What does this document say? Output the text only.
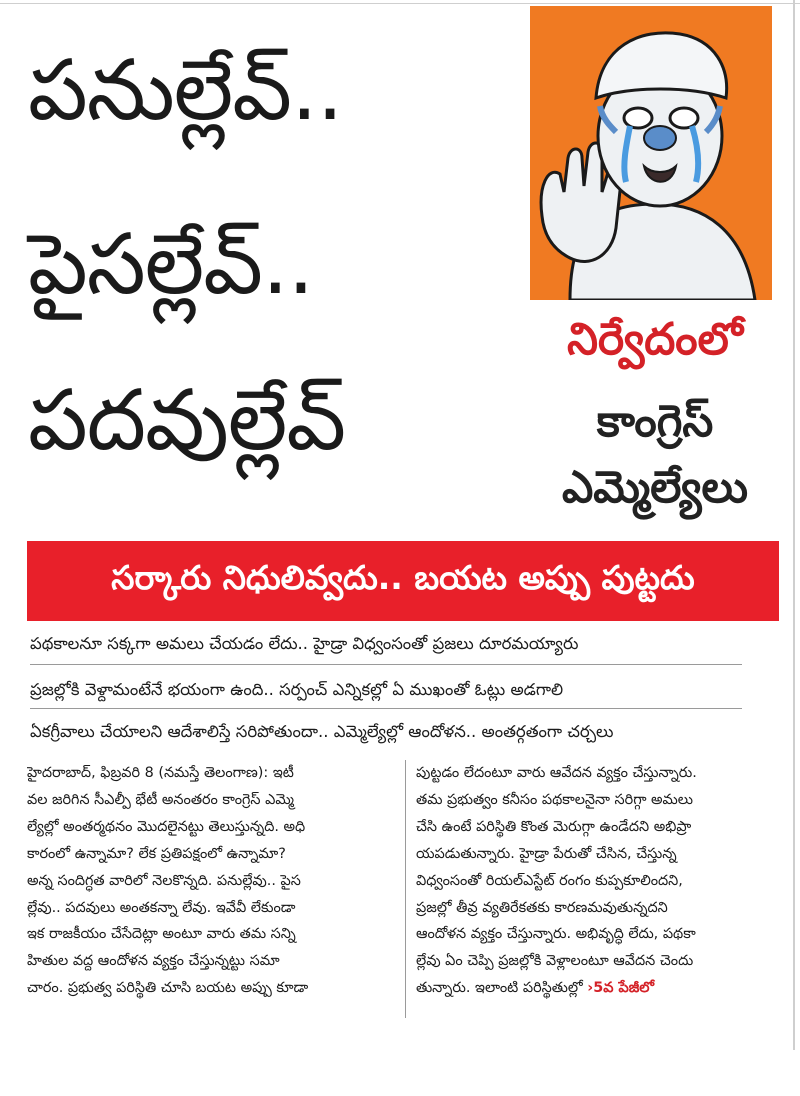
పనుల్లేవ్..
పైసల్లేవ్..
పదవుల్లేవ్
నిర్వేదంలో
కాంగ్రెస్
ఎమ్మెల్యేలు
సర్కారు నిధులివ్వదు.. బయట అప్పు పుట్టదు
పథకాలనూ సక్కగా అమలు చేయడం లేదు.. హైడ్రా విధ్వంసంతో ప్రజలు దూరమయ్యారు
ప్రజల్లోకి వెళ్దామంటేనే భయంగా ఉంది.. సర్పంచ్ ఎన్నికల్లో ఏ ముఖంతో ఓట్లు అడగాలి
ఏకగ్రీవాలు చేయాలని ఆదేశాలిస్తే సరిపోతుందా.. ఎమ్మెల్యేల్లో ఆందోళన.. అంతర్గతంగా చర్చలు
హైదరాబాద్, ఫిబ్రవరి 8 (నమస్తే తెలంగాణ): ఇటీ
వల జరిగిన సీఎల్పీ భేటీ అనంతరం కాంగ్రెస్ ఎమ్మె
ల్యేల్లో అంతర్మథనం మొదలైనట్టు తెలుస్తున్నది. అధి
కారంలో ఉన్నామా? లేక ప్రతిపక్షంలో ఉన్నామా?
అన్న సందిగ్ధత వారిలో నెలకొన్నది. పనుల్లేవు.. పైస
ల్లేవు.. పదవులు అంతకన్నా లేవు. ఇవేవీ లేకుండా
ఇక రాజకీయం చేసేదెట్లా అంటూ వారు తమ సన్ని
హితుల వద్ద ఆందోళన వ్యక్తం చేస్తున్నట్టు సమా
చారం. ప్రభుత్వ పరిస్థితి చూసి బయట అప్పు కూడా
పుట్టడం లేదంటూ వారు ఆవేదన వ్యక్తం చేస్తున్నారు.
తమ ప్రభుత్వం కనీసం పథకాలనైనా సరిగ్గా అమలు
చేసి ఉంటే పరిస్థితి కొంత మెరుగ్గా ఉండేదని అభిప్రా
యపడుతున్నారు. హైడ్రా పేరుతో చేసిన, చేస్తున్న
విధ్వంసంతో రియల్‌ఎస్టేట్ రంగం కుప్పకూలిందని,
ప్రజల్లో తీవ్ర వ్యతిరేకతకు కారణమవుతున్నదని
ఆందోళన వ్యక్తం చేస్తున్నారు. అభివృద్ధి లేదు, పథకా
ల్లేవు ఏం చెప్పి ప్రజల్లోకి వెళ్లాలంటూ ఆవేదన చెందు
తున్నారు. ఇలాంటి పరిస్థితుల్లో ›5వ పేజీలో
